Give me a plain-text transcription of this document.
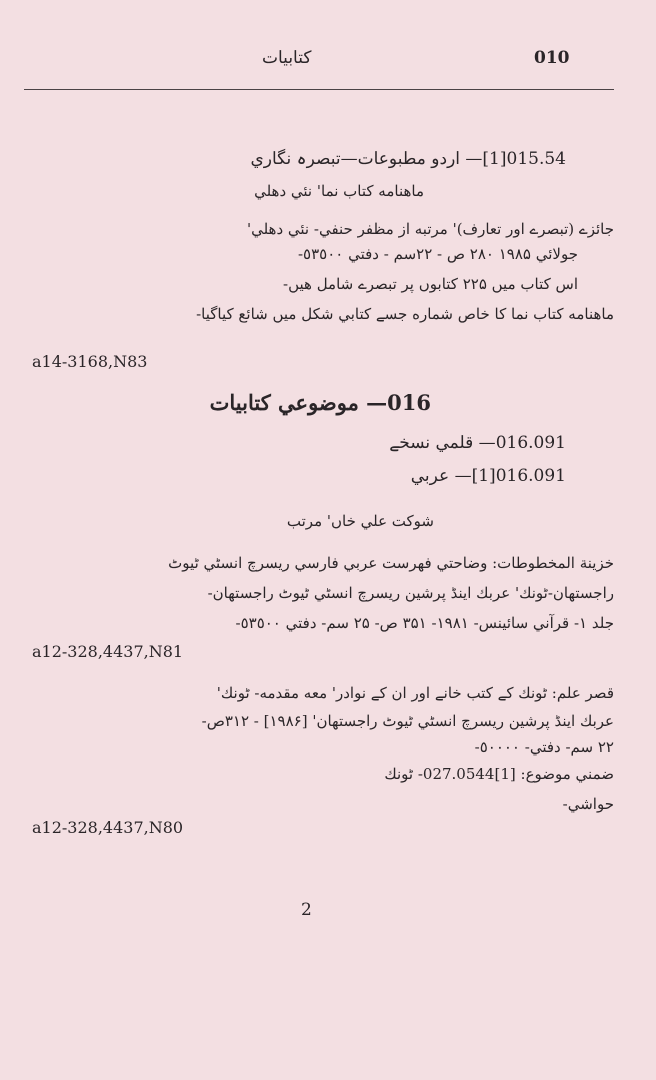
كتابيات	010
015.54[1]— اردو مطبوعات—تبصرہ نگاري
ماهنامه كتاب نما' نئي دهلي
جائزے (تبصرے اور تعارف)' مرتبه از مظفر حنفي- نئي دهلي'
جولائي ۱۹۸۵ ۲۸۰ ص - ۲۲سم - دفتي ٥٣٥٠٠-
اس كتاب ميں ۲۲۵ كتابوں پر تبصرے شامل هيں-
ماهنامه كتاب نما كا خاص شماره جسے كتابي شكل ميں شائع كياگيا-
a14-3168,N83
016— موضوعي كتابيات
016.091— قلمي نسخے
016.091[1]— عربي
شوكت علي خاں' مرتب
خزينة المخطوطات: وضاحتي فهرست عربي فارسي ريسرچ انسٹي ٹيوٹ
راجستهان-ٹونك' عربك اينڈ پرشين ريسرچ انسٹي ٹيوٹ راجستهان-
جلد ۱- قرآني سائينس- ۱۹۸۱- ۳۵۱ ص- ۲۵ سم- دفتي ٥٣٥٠٠-
a12-328,4437,N81
قصر علم: ٹونك كے كتب خانے اور ان كے نوادر' معه مقدمه- ٹونك'
عربك اينڈ پرشين ريسرچ انسٹي ٹيوٹ راجستهان' [۱۹۸۶] - ۳۱۲ص-
۲۲ سم- دفتي- ٥٠٠٠٠-
ضمني موضوع: [1]027.0544- ٹونك
حواشي-
a12-328,4437,N80
2
